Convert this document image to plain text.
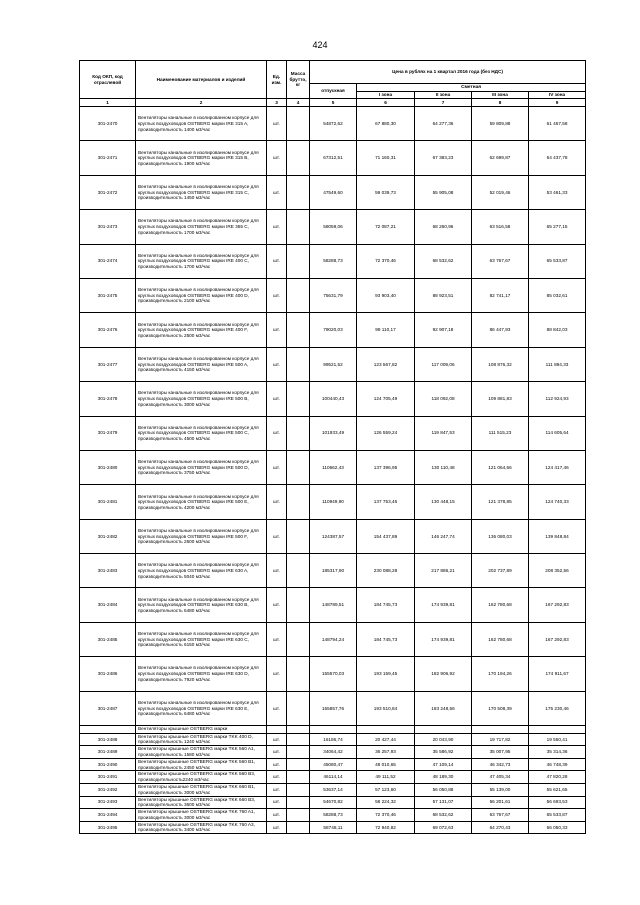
424
Код ОКП, код отраслевой	Наименование материалов и изделий	Ед. изм.	Масса брутто, кг	Цена в рублях на 1 квартал 2016 года (без НДС)				
				отпускная	Сметная			
					I зона	II зона	III зона	IV зона
1	2	3	4	5	6	7	8	9
301-2470	Вентиляторы канальные в изолированном корпусе для круглых воздуховодов OSTBERG марки IRE 315 A, производительность 1400 м3/час	шт.		54872,62	67 880,30	64 277,36	59 809,88	61 467,58
301-2471	Вентиляторы канальные в изолированном корпусе для круглых воздуховодов OSTBERG марки IRE 315 B, производительность 1900 м3/час	шт.		67312,51	71 160,31	67 383,23	62 699,87	64 437,78
301-2472	Вентиляторы канальные в изолированном корпусе для круглых воздуховодов OSTBERG марки IRE 315 C, производительность 1450 м3/час	шт.		47549,60	59 039,73	55 905,08	52 019,46	53 461,33
301-2473	Вентиляторы канальные в изолированном корпусе для круглых воздуховодов OSTBERG марки IRE 355 C, производительность 1700 м3/час	шт.		58059,06	72 087,21	68 260,96	63 516,58	65 277,15
301-2474	Вентиляторы канальные в изолированном корпусе для круглых воздуховодов OSTBERG марки IRE 400 C, производительность 1700 м3/час	шт.		58288,73	72 370,46	68 532,62	63 767,67	65 533,87
301-2475	Вентиляторы канальные в изолированном корпусе для круглых воздуховодов OSTBERG марки IRE 400 D, производительность 2100 м3/час	шт.		75631,79	93 903,40	88 923,51	82 741,17	85 032,61
301-2476	Вентиляторы канальные в изолированном корпусе для круглых воздуховодов OSTBERG марки IRE 400 F, производительность 2500 м3/час	шт.		79020,03	98 110,17	92 907,18	86 447,93	88 842,03
301-2477	Вентиляторы канальные в изолированном корпусе для круглых воздуховодов OSTBERG марки IRE 500 A, производительность 4150 м3/час	шт.		99521,52	123 567,82	117 009,06	108 876,32	111 894,33
301-2478	Вентиляторы канальные в изолированном корпусе для круглых воздуховодов OSTBERG марки IRE 500 B, производительность 3000 м3/час	шт.		100440,43	124 705,49	118 092,08	109 881,83	112 924,93
301-2479	Вентиляторы канальные в изолированном корпусе для круглых воздуховодов OSTBERG марки IRE 500 C, производительность 4500 м3/час	шт.		101933,49	126 559,24	119 847,53	111 515,23	114 605,64
301-2480	Вентиляторы канальные в изолированном корпусе для круглых воздуховодов OSTBERG марки IRE 500 D, производительность 3750 м3/час	шт.		110662,43	137 396,95	130 110,48	121 064,66	124 417,46
301-2481	Вентиляторы канальные в изолированном корпусе для круглых воздуховодов OSTBERG марки IRE 500 E, производительность 4200 м3/час	шт.		110949,90	137 753,46	130 448,15	121 378,85	124 740,33
301-2482	Вентиляторы канальные в изолированном корпусе для круглых воздуховодов OSTBERG марки IRE 500 F, производительность 2600 м3/час	шт.		124387,57	154 437,89	146 247,74	136 080,03	139 848,84
301-2483	Вентиляторы канальные в изолированном корпусе для круглых воздуховодов OSTBERG марки IRE 630 A, производительность 5040 м3/час	шт.		185317,90	230 088,28	217 886,21	202 737,89	208 352,56
301-2484	Вентиляторы канальные в изолированном корпусе для круглых воздуховодов OSTBERG марки IRE 630 B, производительность 6480 м3/час	шт.		148789,51	184 745,73	174 939,81	162 780,68	167 292,83
301-2485	Вентиляторы канальные в изолированном корпусе для круглых воздуховодов OSTBERG марки IRE 630 C, производительность 6150 м3/час	шт.		148794,24	184 745,73	174 939,81	162 780,68	167 292,83
301-2486	Вентиляторы канальные в изолированном корпусе для круглых воздуховодов OSTBERG марки IRE 630 D, производительность 7920 м3/час	шт.		155570,03	193 159,45	182 906,92	170 194,26	174 911,67
301-2487	Вентиляторы канальные в изолированном корпусе для круглых воздуховодов OSTBERG марки IRE 630 E, производительность 6480 м3/час	шт.		155857,76	193 510,84	183 248,56	170 508,39	175 230,46
	Вентиляторы крышные OSTBERG марки							
301-2488	Вентиляторы крышные OSTBERG марки TKK 400 D, производительность 1240 м3/час	шт.		16186,74	20 427,44	20 043,90	19 717,82	19 550,41
301-2489	Вентиляторы крышные OSTBERG марки TKK 560 A1, производительность 1580 м3/час	шт.		34064,42	36 257,93	35 586,92	35 007,95	35 314,36
301-2490	Вентиляторы крышные OSTBERG марки TKK 560 B1, производительность 2450 м3/час	шт.		45080,47	48 010,65	47 109,14	46 342,73	46 748,39
301-2491	Вентиляторы крышные OSTBERG марки TKK 560 B3, производительность2240 м3/час	шт.		46114,14	49 111,52	48 189,30	47 405,34	47 820,28
301-2492	Вентиляторы крышные OSTBERG марки TKK 660 B1, производительность 3000 м3/час	шт.		53637,14	57 123,60	56 050,88	55 139,00	55 621,65
301-2493	Вентиляторы крышные OSTBERG марки TKK 660 B3, производительность 3600 м3/час	шт.		54670,82	58 224,32	57 131,07	56 201,61	56 693,53
301-2494	Вентиляторы крышные OSTBERG марки TKK 760 A1, производительность 3000 м3/час	шт.		58288,73	72 370,46	68 532,62	63 767,67	65 533,87
301-2495	Вентиляторы крышные OSTBERG марки TKK 760 A3, производительность 3400 м3/час	шт.		58748,11	72 940,82	69 072,63	64 270,43	66 050,33
